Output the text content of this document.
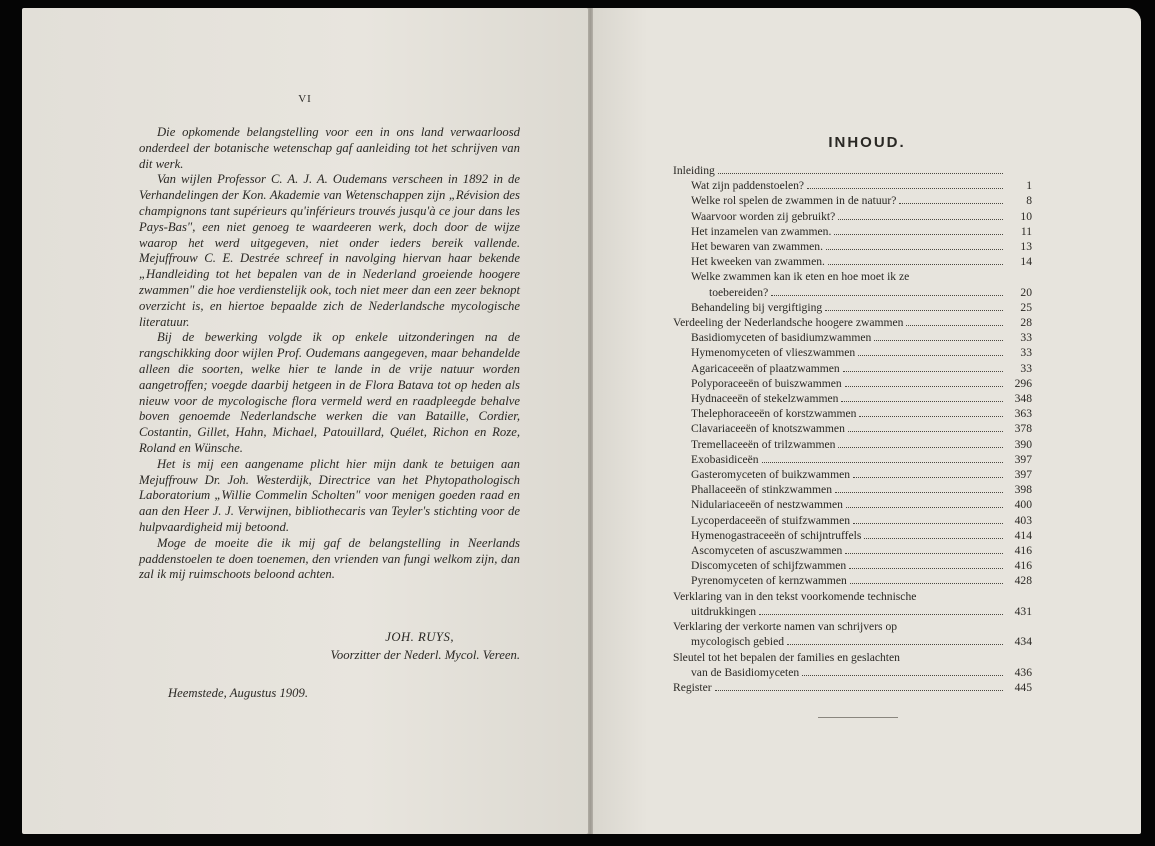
VI

Die opkomende belangstelling voor een in ons land verwaarloosd onderdeel der botanische wetenschap gaf aanleiding tot het schrijven van dit werk.

Van wijlen Professor C. A. J. A. Oudemans verscheen in 1892 in de Verhandelingen der Kon. Akademie van Wetenschappen zijn „Révision des champignons tant supérieurs qu'inférieurs trouvés jusqu'à ce jour dans les Pays-Bas", een niet genoeg te waardeeren werk, doch door de wijze waarop het werd uitgegeven, niet onder ieders bereik vallende. Mejuffrouw C. E. Destrée schreef in navolging hiervan haar bekende „Handleiding tot het bepalen van de in Nederland groeiende hoogere zwammen" die hoe verdienstelijk ook, toch niet meer dan een zeer beknopt overzicht is, en hiertoe bepaalde zich de Nederlandsche mycologische literatuur.

Bij de bewerking volgde ik op enkele uitzonderingen na de rangschikking door wijlen Prof. Oudemans aangegeven, maar behandelde alleen die soorten, welke hier te lande in de vrije natuur worden aangetroffen; voegde daarbij hetgeen in de Flora Batava tot op heden als nieuw voor de mycologische flora vermeld werd en raadpleegde behalve boven genoemde Nederlandsche werken die van Bataille, Cordier, Costantin, Gillet, Hahn, Michael, Patouillard, Quélet, Richon en Roze, Roland en Wünsche.

Het is mij een aangename plicht hier mijn dank te betuigen aan Mejuffrouw Dr. Joh. Westerdijk, Directrice van het Phytopathologisch Laboratorium „Willie Commelin Scholten" voor menigen goeden raad en aan den Heer J. J. Verwijnen, bibliothecaris van Teyler's stichting voor de hulpvaardigheid mij betoond.

Moge de moeite die ik mij gaf de belangstelling in Neerlands paddenstoelen te doen toenemen, den vrienden van fungi welkom zijn, dan zal ik mij ruimschoots beloond achten.

JOH. RUYS,
Voorzitter der Nederl. Mycol. Vereen.
Heemstede, Augustus 1909.
INHOUD.
Inleiding
Wat zijn paddenstoelen?	1
Welke rol spelen de zwammen in de natuur?	8
Waarvoor worden zij gebruikt?	10
Het inzamelen van zwammen.	11
Het bewaren van zwammen.	13
Het kweeken van zwammen.	14
Welke zwammen kan ik eten en hoe moet ik ze
toebereiden?	20
Behandeling bij vergiftiging	25
Verdeeling der Nederlandsche hoogere zwammen	28
Basidiomyceten of basidiumzwammen	33
Hymenomyceten of vlieszwammen	33
Agaricaceeën of plaatzwammen	33
Polyporaceeën of buiszwammen	296
Hydnaceeën of stekelzwammen	348
Thelephoraceeën of korstzwammen	363
Clavariaceeën of knotszwammen	378
Tremellaceeën of trilzwammen	390
Exobasidiceën	397
Gasteromyceten of buikzwammen	397
Phallaceeën of stinkzwammen	398
Nidulariaceeën of nestzwammen	400
Lycoperdaceeën of stuifzwammen	403
Hymenogastraceeën of schijntruffels	414
Ascomyceten of ascuszwammen	416
Discomyceten of schijfzwammen	416
Pyrenomyceten of kernzwammen	428
Verklaring van in den tekst voorkomende technische
uitdrukkingen	431
Verklaring der verkorte namen van schrijvers op
mycologisch gebied	434
Sleutel tot het bepalen der families en geslachten
van de Basidiomyceten	436
Register	445
